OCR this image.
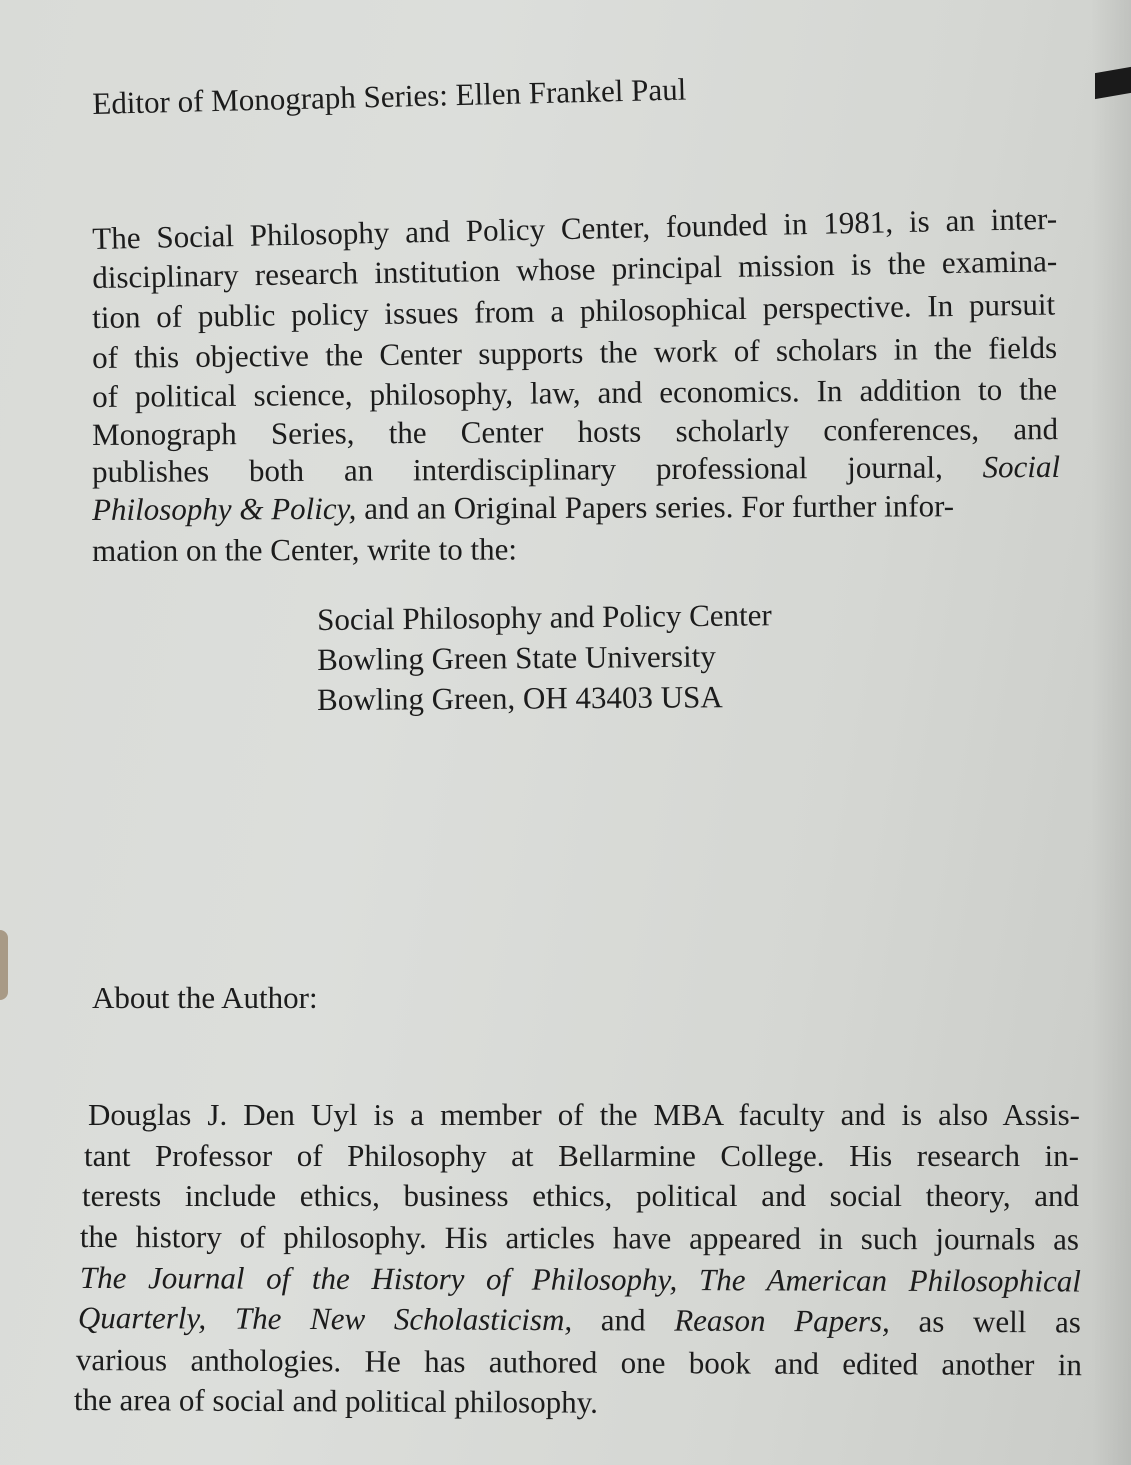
Editor of Monograph Series: Ellen Frankel Paul
The Social Philosophy and Policy Center, founded in 1981, is an inter-
disciplinary research institution whose principal mission is the examina-
tion of public policy issues from a philosophical perspective. In pursuit
of this objective the Center supports the work of scholars in the fields
of political science, philosophy, law, and economics. In addition to the
Monograph Series, the Center hosts scholarly conferences, and
publishes both an interdisciplinary professional journal, Social
Philosophy & Policy, and an Original Papers series. For further infor-
mation on the Center, write to the:
Social Philosophy and Policy Center
Bowling Green State University
Bowling Green, OH 43403 USA
About the Author:
Douglas J. Den Uyl is a member of the MBA faculty and is also Assis-
tant Professor of Philosophy at Bellarmine College. His research in-
terests include ethics, business ethics, political and social theory, and
the history of philosophy. His articles have appeared in such journals as
The Journal of the History of Philosophy, The American Philosophical
Quarterly, The New Scholasticism, and Reason Papers, as well as
various anthologies. He has authored one book and edited another in
the area of social and political philosophy.
